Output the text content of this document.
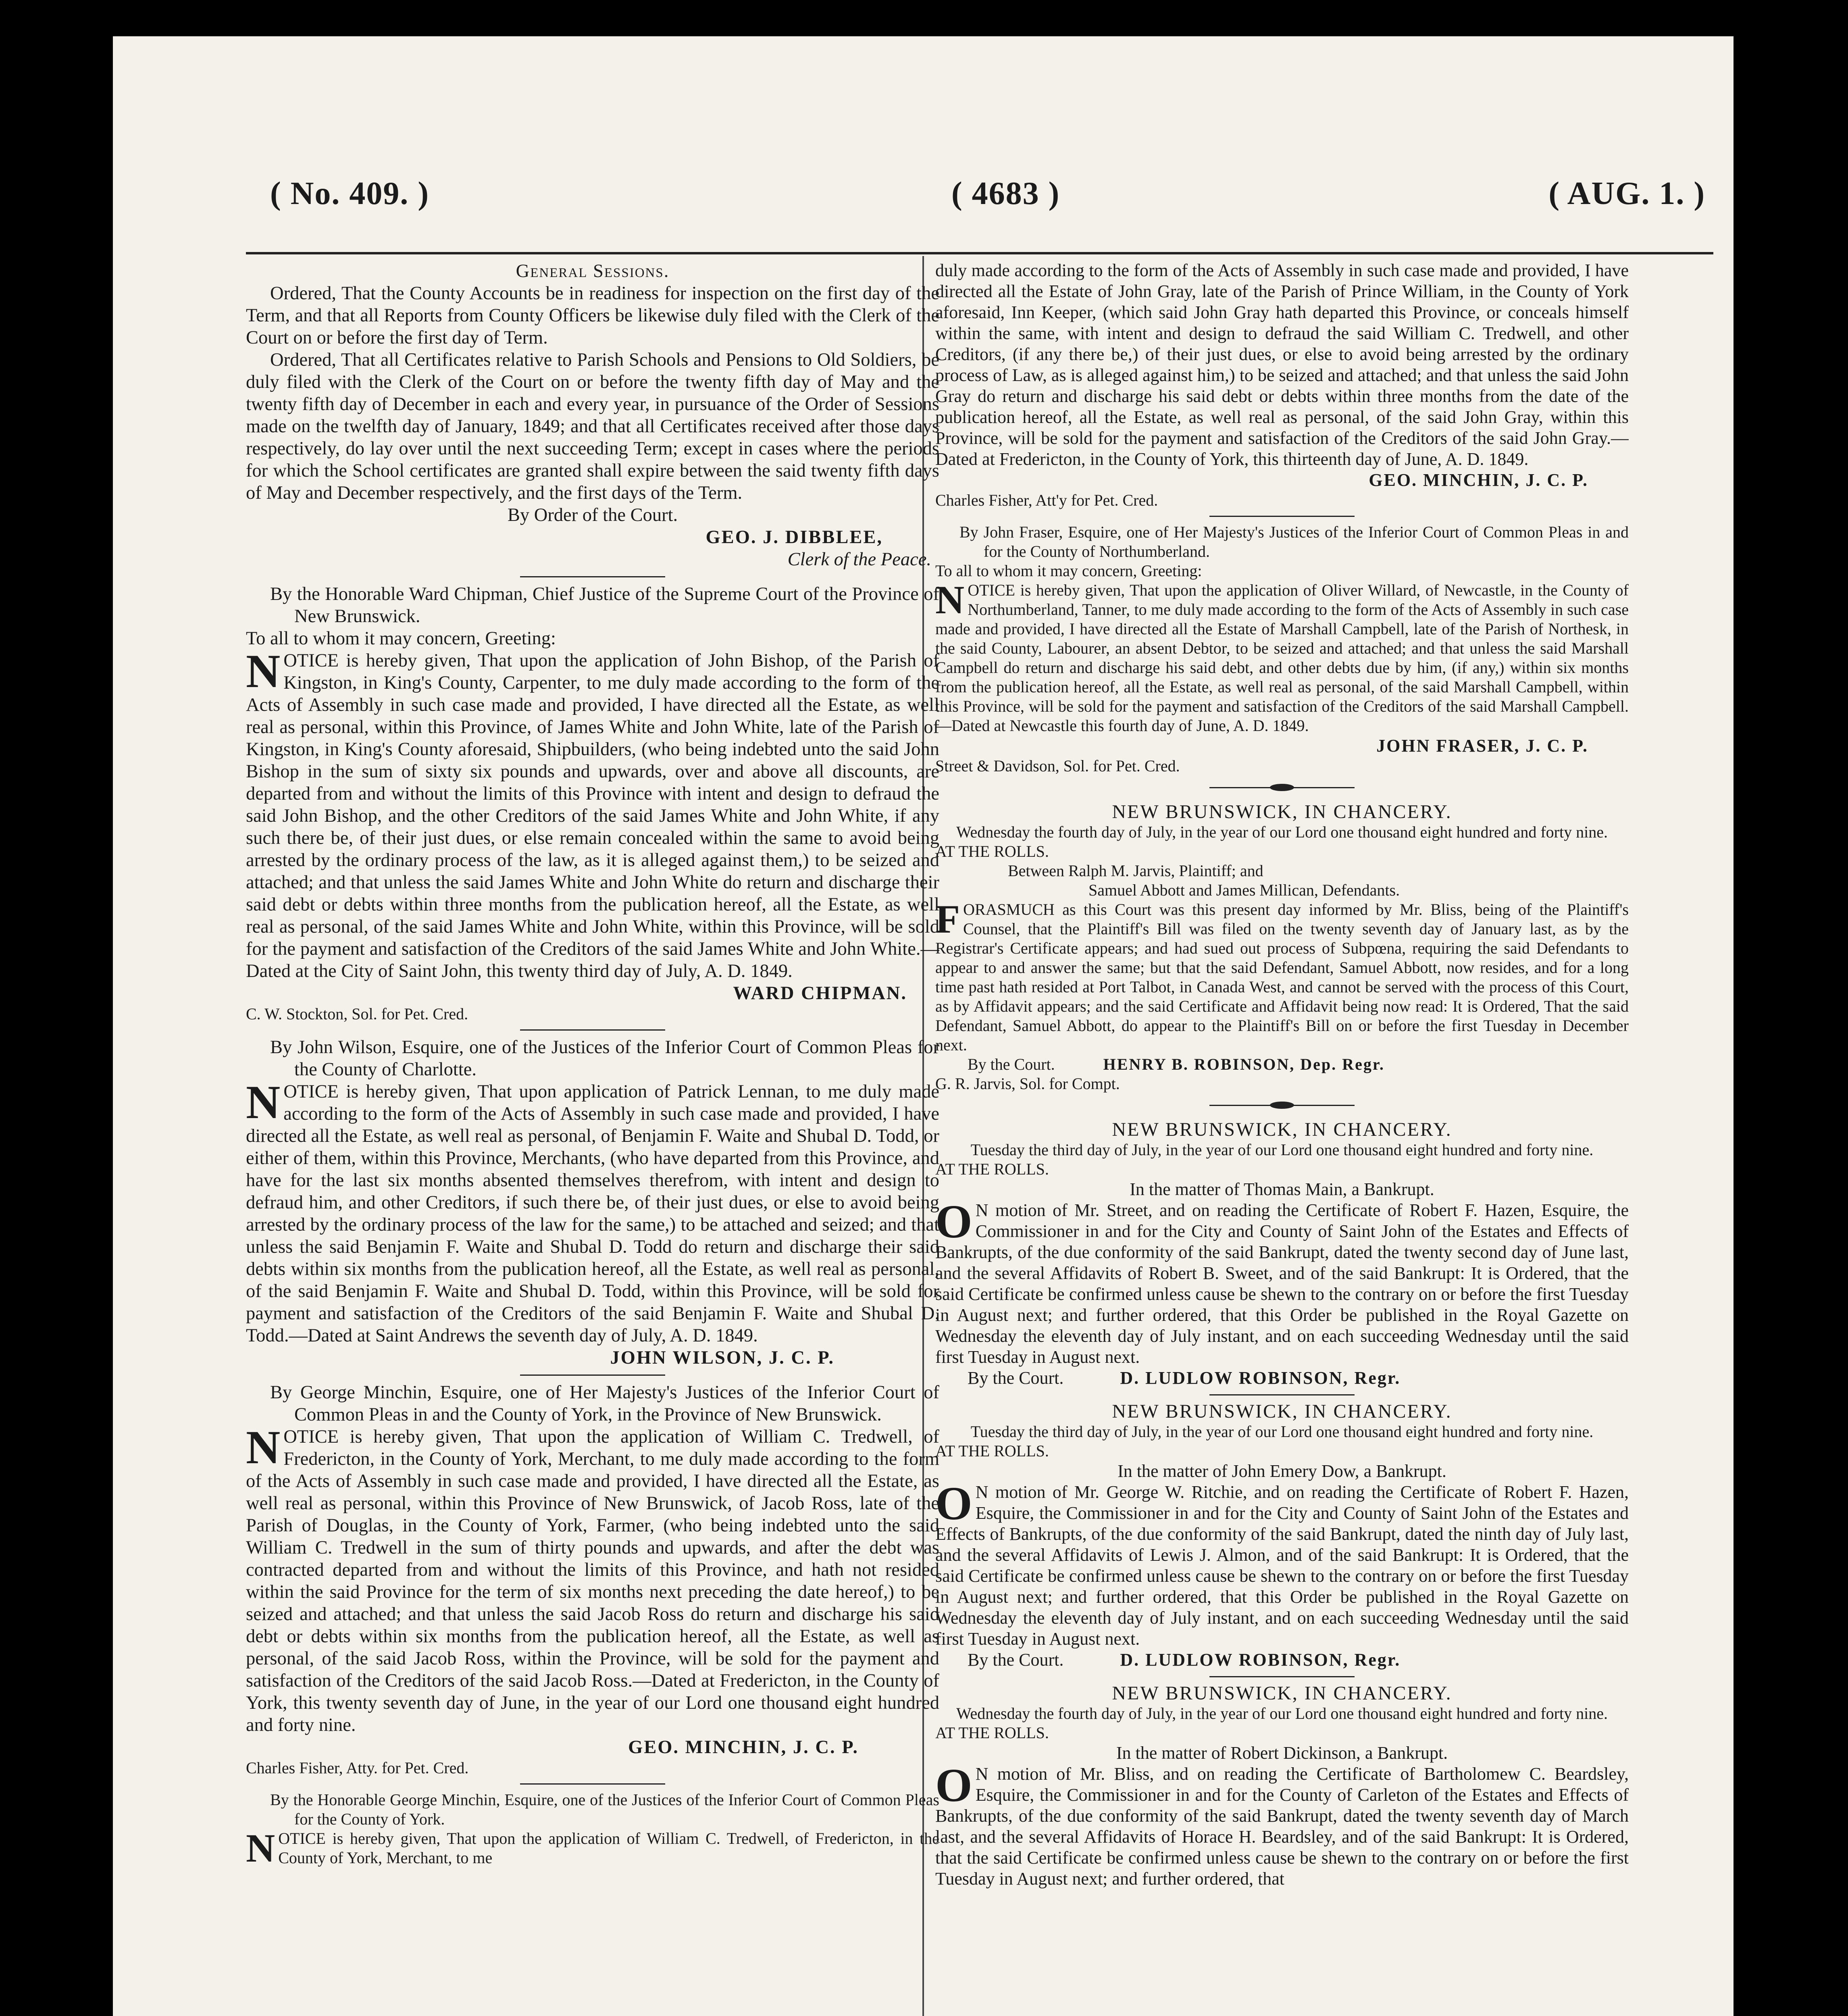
( No. 409. )	( 4683 )	( AUG. 1. )

General Sessions.

Ordered, That the County Accounts be in readiness for inspection on the first day of the Term, and that all Reports from County Officers be likewise duly filed with the Clerk of the Court on or before the first day of Term.

Ordered, That all Certificates relative to Parish Schools and Pensions to Old Soldiers, be duly filed with the Clerk of the Court on or before the twenty fifth day of May and the twenty fifth day of December in each and every year, in pursuance of the Order of Sessions made on the twelfth day of January, 1849; and that all Certificates received after those days respectively, do lay over until the next succeeding Term; except in cases where the periods for which the School certificates are granted shall expire between the said twenty fifth days of May and December respectively, and the first days of the Term.

By Order of the Court.

GEO. J. DIBBLEE,

Clerk of the Peace.

By the Honorable Ward Chipman, Chief Justice of the Supreme Court of the Province of New Brunswick.

To all to whom it may concern, Greeting:

NOTICE is hereby given, That upon the application of John Bishop, of the Parish of Kingston, in King's County, Carpenter, to me duly made according to the form of the Acts of Assembly in such case made and provided, I have directed all the Estate, as well real as personal, within this Province, of James White and John White, late of the Parish of Kingston, in King's County aforesaid, Shipbuilders, (who being indebted unto the said John Bishop in the sum of sixty six pounds and upwards, over and above all discounts, are departed from and without the limits of this Province with intent and design to defraud the said John Bishop, and the other Creditors of the said James White and John White, if any such there be, of their just dues, or else remain concealed within the same to avoid being arrested by the ordinary process of the law, as it is alleged against them,) to be seized and attached; and that unless the said James White and John White do return and discharge their said debt or debts within three months from the publication hereof, all the Estate, as well real as personal, of the said James White and John White, within this Province, will be sold for the payment and satisfaction of the Creditors of the said James White and John White.—Dated at the City of Saint John, this twenty third day of July, A. D. 1849.

WARD CHIPMAN.

C. W. Stockton, Sol. for Pet. Cred.

By John Wilson, Esquire, one of the Justices of the Inferior Court of Common Pleas for the County of Charlotte.

NOTICE is hereby given, That upon application of Patrick Lennan, to me duly made according to the form of the Acts of Assembly in such case made and provided, I have directed all the Estate, as well real as personal, of Benjamin F. Waite and Shubal D. Todd, or either of them, within this Province, Merchants, (who have departed from this Province, and have for the last six months absented themselves therefrom, with intent and design to defraud him, and other Creditors, if such there be, of their just dues, or else to avoid being arrested by the ordinary process of the law for the same,) to be attached and seized; and that unless the said Benjamin F. Waite and Shubal D. Todd do return and discharge their said debts within six months from the publication hereof, all the Estate, as well real as personal, of the said Benjamin F. Waite and Shubal D. Todd, within this Province, will be sold for payment and satisfaction of the Creditors of the said Benjamin F. Waite and Shubal D. Todd.—Dated at Saint Andrews the seventh day of July, A. D. 1849.

JOHN WILSON, J. C. P.

By George Minchin, Esquire, one of Her Majesty's Justices of the Inferior Court of Common Pleas in and the County of York, in the Province of New Brunswick.

NOTICE is hereby given, That upon the application of William C. Tredwell, of Fredericton, in the County of York, Merchant, to me duly made according to the form of the Acts of Assembly in such case made and provided, I have directed all the Estate, as well real as personal, within this Province of New Brunswick, of Jacob Ross, late of the Parish of Douglas, in the County of York, Farmer, (who being indebted unto the said William C. Tredwell in the sum of thirty pounds and upwards, and after the debt was contracted departed from and without the limits of this Province, and hath not resided within the said Province for the term of six months next preceding the date hereof,) to be seized and attached; and that unless the said Jacob Ross do return and discharge his said debt or debts within six months from the publication hereof, all the Estate, as well as personal, of the said Jacob Ross, within the Province, will be sold for the payment and satisfaction of the Creditors of the said Jacob Ross.—Dated at Fredericton, in the County of York, this twenty seventh day of June, in the year of our Lord one thousand eight hundred and forty nine.

GEO. MINCHIN, J. C. P.

Charles Fisher, Atty. for Pet. Cred.

By the Honorable George Minchin, Esquire, one of the Justices of the Inferior Court of Common Pleas for the County of York.

NOTICE is hereby given, That upon the application of William C. Tredwell, of Fredericton, in the County of York, Merchant, to me

duly made according to the form of the Acts of Assembly in such case made and provided, I have directed all the Estate of John Gray, late of the Parish of Prince William, in the County of York aforesaid, Inn Keeper, (which said John Gray hath departed this Province, or conceals himself within the same, with intent and design to defraud the said William C. Tredwell, and other Creditors, (if any there be,) of their just dues, or else to avoid being arrested by the ordinary process of Law, as is alleged against him,) to be seized and attached; and that unless the said John Gray do return and discharge his said debt or debts within three months from the date of the publication hereof, all the Estate, as well real as personal, of the said John Gray, within this Province, will be sold for the payment and satisfaction of the Creditors of the said John Gray.—Dated at Fredericton, in the County of York, this thirteenth day of June, A. D. 1849.

GEO. MINCHIN, J. C. P.

Charles Fisher, Att'y for Pet. Cred.

By John Fraser, Esquire, one of Her Majesty's Justices of the Inferior Court of Common Pleas in and for the County of Northumberland.

To all to whom it may concern, Greeting:

NOTICE is hereby given, That upon the application of Oliver Willard, of Newcastle, in the County of Northumberland, Tanner, to me duly made according to the form of the Acts of Assembly in such case made and provided, I have directed all the Estate of Marshall Campbell, late of the Parish of Northesk, in the said County, Labourer, an absent Debtor, to be seized and attached; and that unless the said Marshall Campbell do return and discharge his said debt, and other debts due by him, (if any,) within six months from the publication hereof, all the Estate, as well real as personal, of the said Marshall Campbell, within this Province, will be sold for the payment and satisfaction of the Creditors of the said Marshall Campbell.—Dated at Newcastle this fourth day of June, A. D. 1849.

JOHN FRASER, J. C. P.

Street & Davidson, Sol. for Pet. Cred.

NEW BRUNSWICK, IN CHANCERY.

Wednesday the fourth day of July, in the year of our Lord one thousand eight hundred and forty nine.

AT THE ROLLS.

Between Ralph M. Jarvis, Plaintiff; and

Samuel Abbott and James Millican, Defendants.

FORASMUCH as this Court was this present day informed by Mr. Bliss, being of the Plaintiff's Counsel, that the Plaintiff's Bill was filed on the twenty seventh day of January last, as by the Registrar's Certificate appears; and had sued out process of Subpœna, requiring the said Defendants to appear to and answer the same; but that the said Defendant, Samuel Abbott, now resides, and for a long time past hath resided at Port Talbot, in Canada West, and cannot be served with the process of this Court, as by Affidavit appears; and the said Certificate and Affidavit being now read: It is Ordered, That the said Defendant, Samuel Abbott, do appear to the Plaintiff's Bill on or before the first Tuesday in December next.

By the Court.	HENRY B. ROBINSON, Dep. Regr.

G. R. Jarvis, Sol. for Compt.

NEW BRUNSWICK, IN CHANCERY.

Tuesday the third day of July, in the year of our Lord one thousand eight hundred and forty nine.

AT THE ROLLS.

In the matter of Thomas Main, a Bankrupt.

O N motion of Mr. Street, and on reading the Certificate of Robert F. Hazen, Esquire, the Commissioner in and for the City and County of Saint John of the Estates and Effects of Bankrupts, of the due conformity of the said Bankrupt, dated the twenty second day of June last, and the several Affidavits of Robert B. Sweet, and of the said Bankrupt: It is Ordered, that the said Certificate be confirmed unless cause be shewn to the contrary on or before the first Tuesday in August next; and further ordered, that this Order be published in the Royal Gazette on Wednesday the eleventh day of July instant, and on each succeeding Wednesday until the said first Tuesday in August next.

By the Court.	D. LUDLOW ROBINSON, Regr.

NEW BRUNSWICK, IN CHANCERY.

Tuesday the third day of July, in the year of our Lord one thousand eight hundred and forty nine.

AT THE ROLLS.

In the matter of John Emery Dow, a Bankrupt.

O N motion of Mr. George W. Ritchie, and on reading the Certificate of Robert F. Hazen, Esquire, the Commissioner in and for the City and County of Saint John of the Estates and Effects of Bankrupts, of the due conformity of the said Bankrupt, dated the ninth day of July last, and the several Affidavits of Lewis J. Almon, and of the said Bankrupt: It is Ordered, that the said Certificate be confirmed unless cause be shewn to the contrary on or before the first Tuesday in August next; and further ordered, that this Order be published in the Royal Gazette on Wednesday the eleventh day of July instant, and on each succeeding Wednesday until the said first Tuesday in August next.

By the Court.	D. LUDLOW ROBINSON, Regr.

NEW BRUNSWICK, IN CHANCERY.

Wednesday the fourth day of July, in the year of our Lord one thousand eight hundred and forty nine.

AT THE ROLLS.

In the matter of Robert Dickinson, a Bankrupt.

O N motion of Mr. Bliss, and on reading the Certificate of Bartholomew C. Beardsley, Esquire, the Commissioner in and for the County of Carleton of the Estates and Effects of Bankrupts, of the due conformity of the said Bankrupt, dated the twenty seventh day of March last, and the several Affidavits of Horace H. Beardsley, and of the said Bankrupt: It is Ordered, that the said Certificate be confirmed unless cause be shewn to the contrary on or before the first Tuesday in August next; and further ordered, that
